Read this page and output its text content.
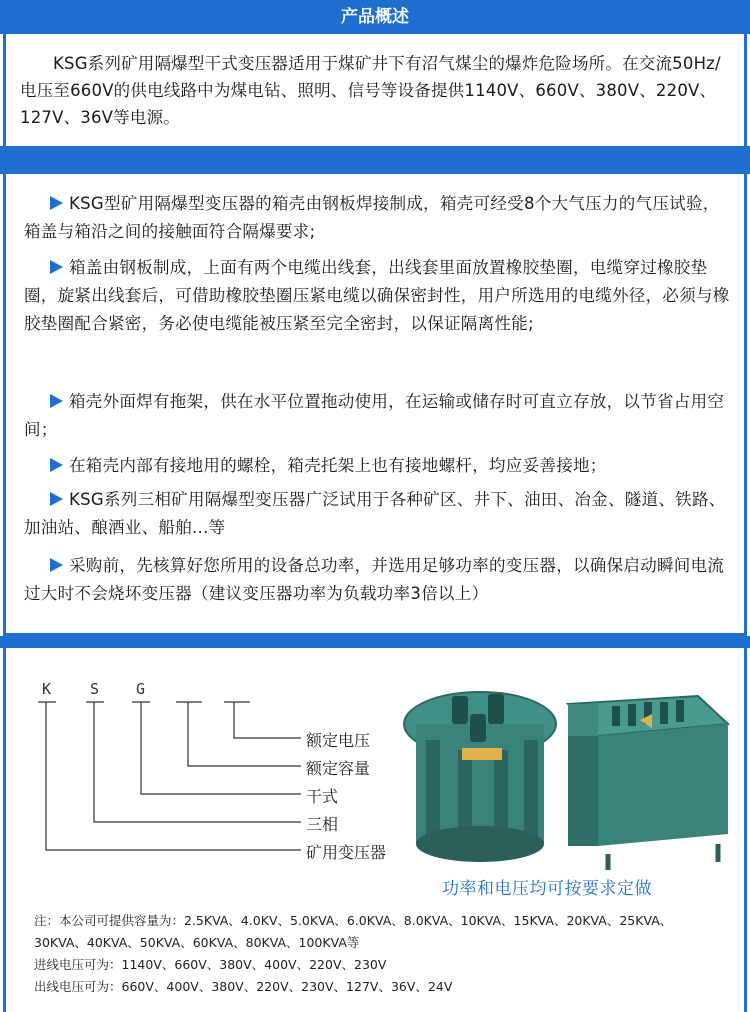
产品概述

KSG系列矿用隔爆型干式变压器适用于煤矿井下有沼气煤尘的爆炸危险场所。在交流50Hz/电压至660V的供电线路中为煤电钻、照明、信号等设备提供1140V、660V、380V、220V、127V、36V等电源。

KSG型矿用隔爆型变压器的箱壳由钢板焊接制成，箱壳可经受8个大气压力的气压试验，箱盖与箱沿之间的接触面符合隔爆要求;

箱盖由钢板制成，上面有两个电缆出线套，出线套里面放置橡胶垫圈，电缆穿过橡胶垫圈，旋紧出线套后，可借助橡胶垫圈压紧电缆以确保密封性，用户所选用的电缆外径，必须与橡胶垫圈配合紧密，务必使电缆能被压紧至完全密封，以保证隔离性能;

箱壳外面焊有拖架，供在水平位置拖动使用，在运输或储存时可直立存放，以节省占用空间；

在箱壳内部有接地用的螺栓，箱壳托架上也有接地螺杆，均应妥善接地；

KSG系列三相矿用隔爆型变压器广泛试用于各种矿区、井下、油田、冶金、隧道、铁路、加油站、酿酒业、船舶...等

采购前，先核算好您所用的设备总功率，并选用足够功率的变压器，以确保启动瞬间电流过大时不会烧坏变压器（建议变压器功率为负载功率3倍以上）

K	S G
额定电压
额定容量
干式
三相
矿用变压器
功率和电压均可按要求定做
注：本公司可提供容量为：2.5KVA、4.0KV、5.0KVA、6.0KVA、8.0KVA、10KVA、15KVA、20KVA、25KVA、
30KVA、40KVA、50KVA、60KVA、80KVA、100KVA等
进线电压可为：1140V、660V、380V、400V、220V、230V
出线电压可为：660V、400V、380V、220V、230V、127V、36V、24V
